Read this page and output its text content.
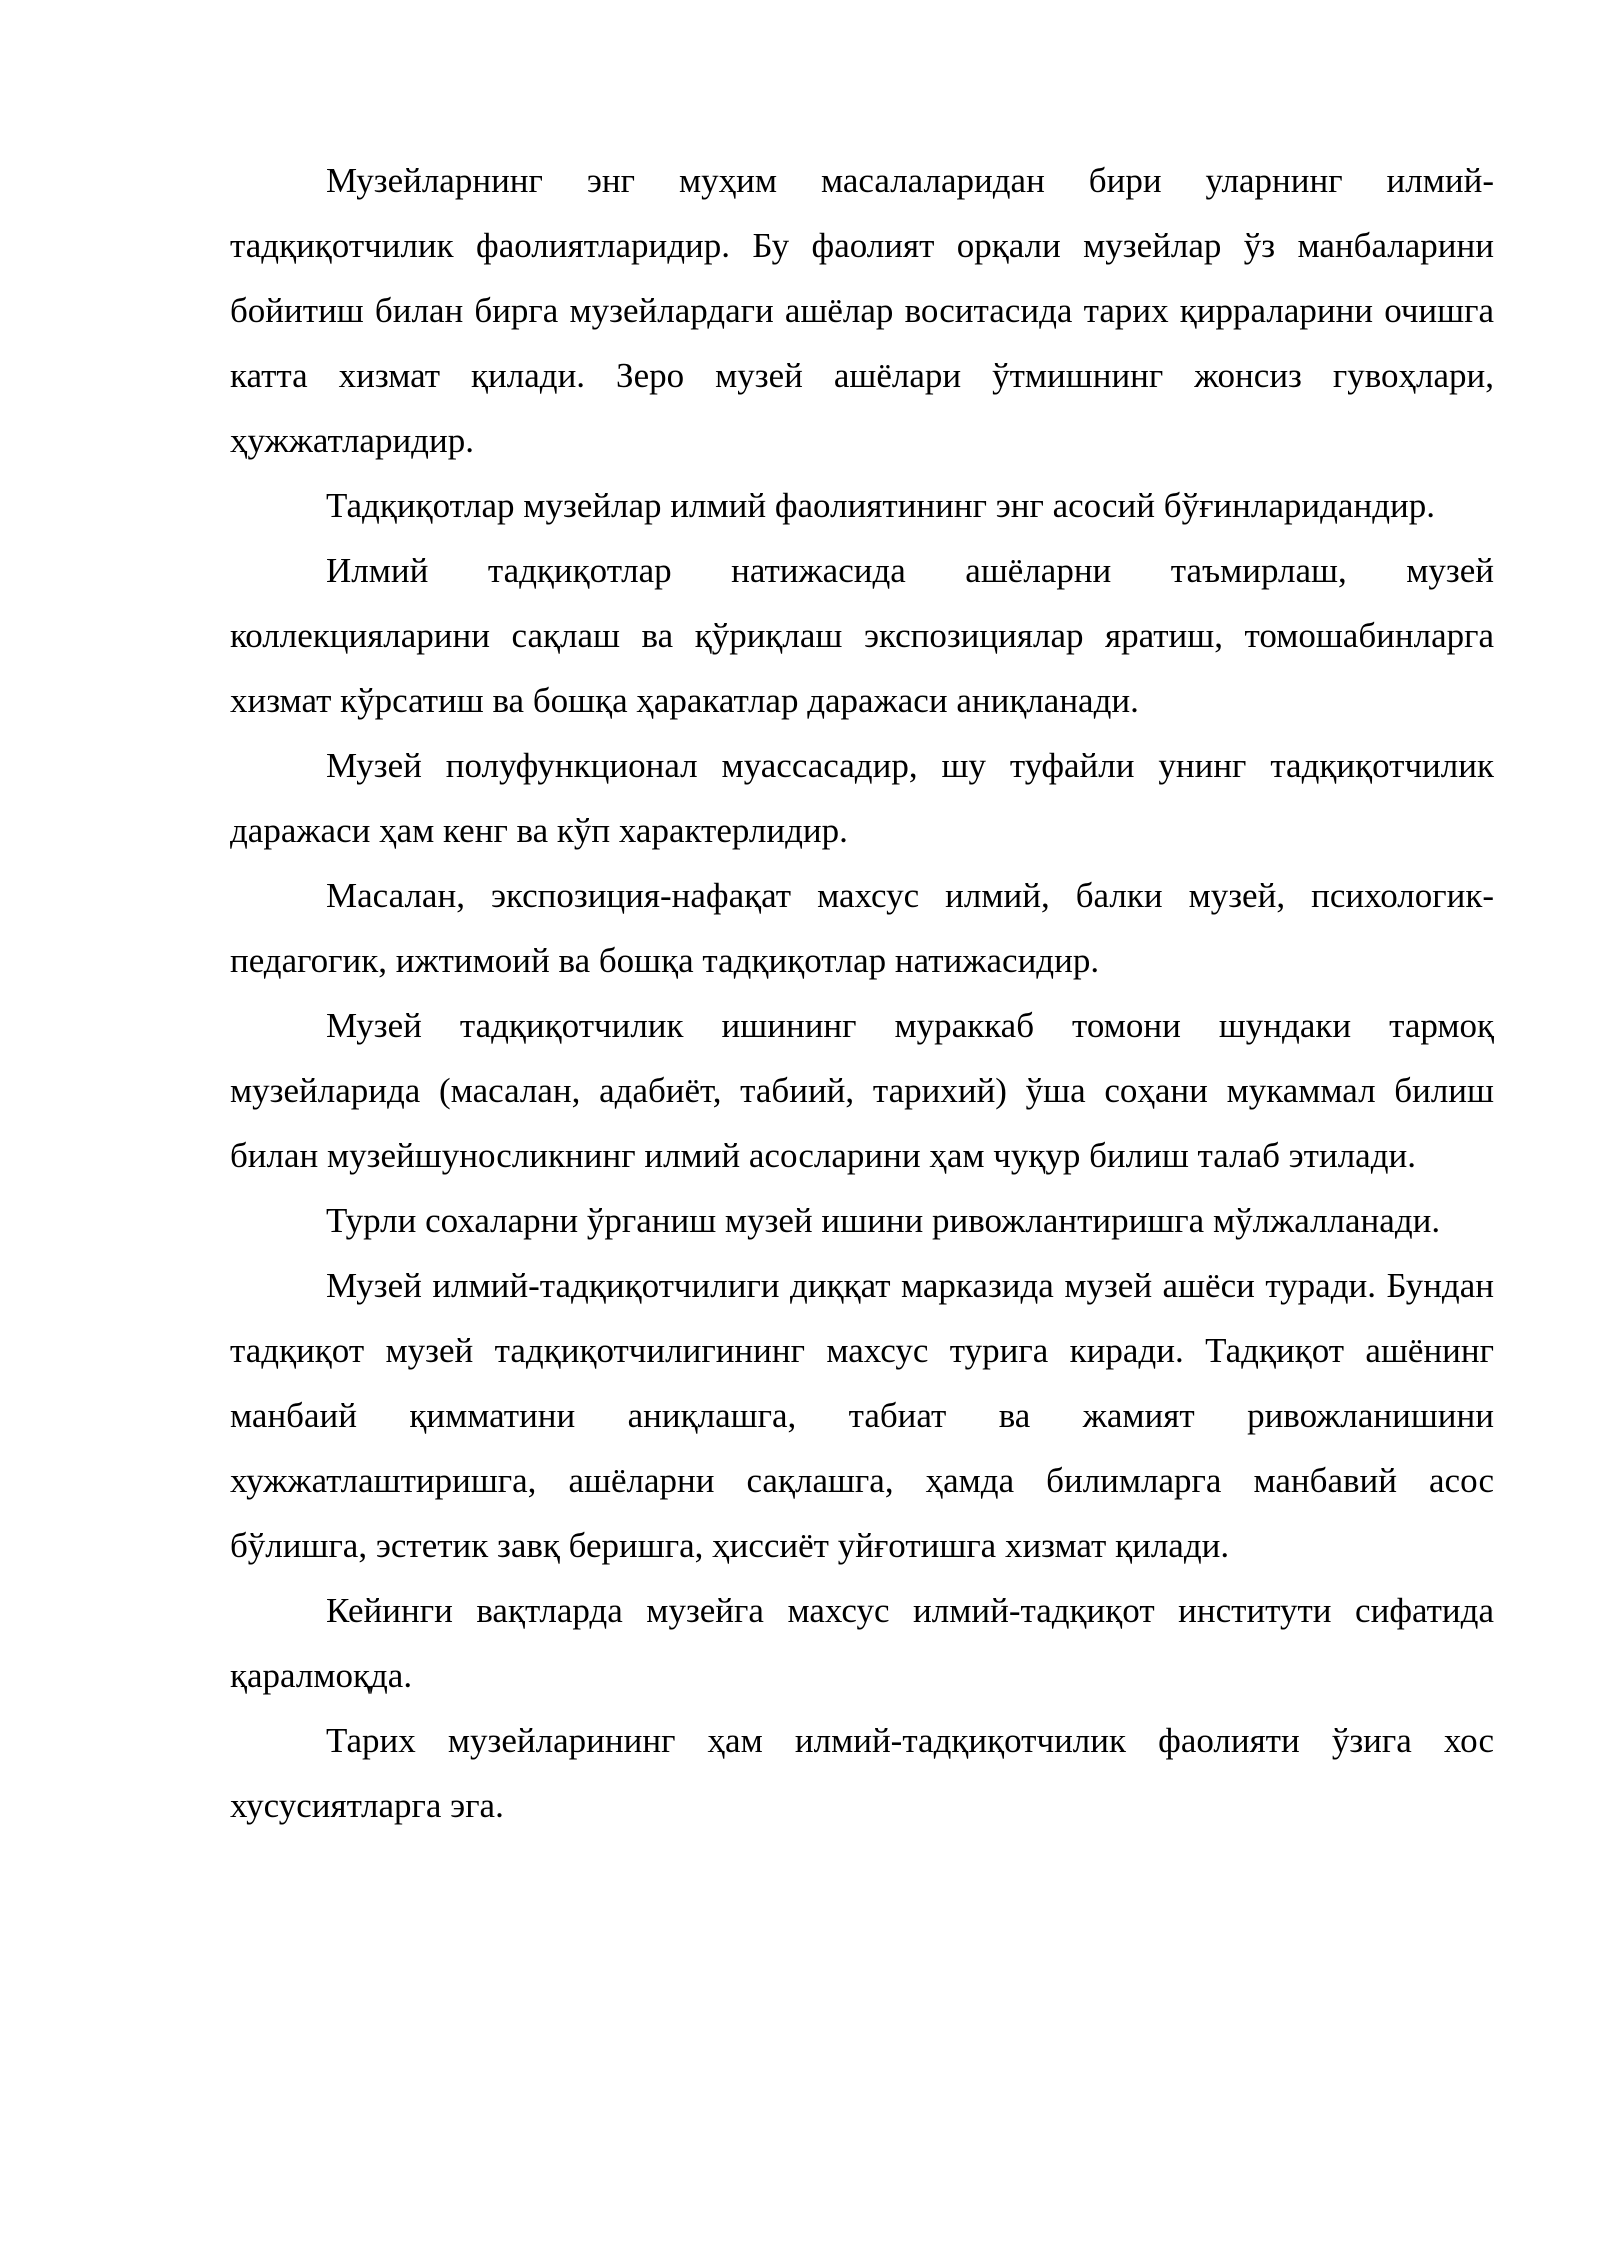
Музейларнинг энг муҳим масалаларидан бири уларнинг илмий-тадқиқотчилик фаолиятларидир. Бу фаолият орқали музейлар ўз манбаларини бойитиш билан бирга музейлардаги ашёлар воситасида тарих қирраларини очишга катта хизмат қилади. Зеро музей ашёлари ўтмишнинг жонсиз гувоҳлари, ҳужжатларидир.

Тадқиқотлар музейлар илмий фаолиятининг энг асосий бўғинларидандир.

Илмий тадқиқотлар натижасида ашёларни таъмирлаш, музей коллекцияларини сақлаш ва қўриқлаш экспозициялар яратиш, томошабинларга хизмат кўрсатиш ва бошқа ҳаракатлар даражаси аниқланади.

Музей полуфункционал муассасадир, шу туфайли унинг тадқиқотчилик даражаси ҳам кенг ва кўп характерлидир.

Масалан, экспозиция-нафақат махсус илмий, балки музей, психологик-педагогик, ижтимоий ва бошқа тадқиқотлар натижасидир.

Музей тадқиқотчилик ишининг мураккаб томони шундаки тармоқ музейларида (масалан, адабиёт, табиий, тарихий) ўша соҳани мукаммал билиш билан музейшуносликнинг илмий асосларини ҳам чуқур билиш талаб этилади.

Турли сохаларни ўрганиш музей ишини ривожлантиришга мўлжалланади.

Музей илмий-тадқиқотчилиги диққат марказида музей ашёси туради. Бундан тадқиқот музей тадқиқотчилигининг махсус турига киради. Тадқиқот ашёнинг манбаий қимматини аниқлашга, табиат ва жамият ривожланишини хужжатлаштиришга, ашёларни сақлашга, ҳамда билимларга манбавий асос бўлишга, эстетик завқ беришга, ҳиссиёт уйғотишга хизмат қилади.

Кейинги вақтларда музейга махсус илмий-тадқиқот институти сифатида қаралмоқда.

Тарих музейларининг ҳам илмий-тадқиқотчилик фаолияти ўзига хос хусусиятларга эга.
